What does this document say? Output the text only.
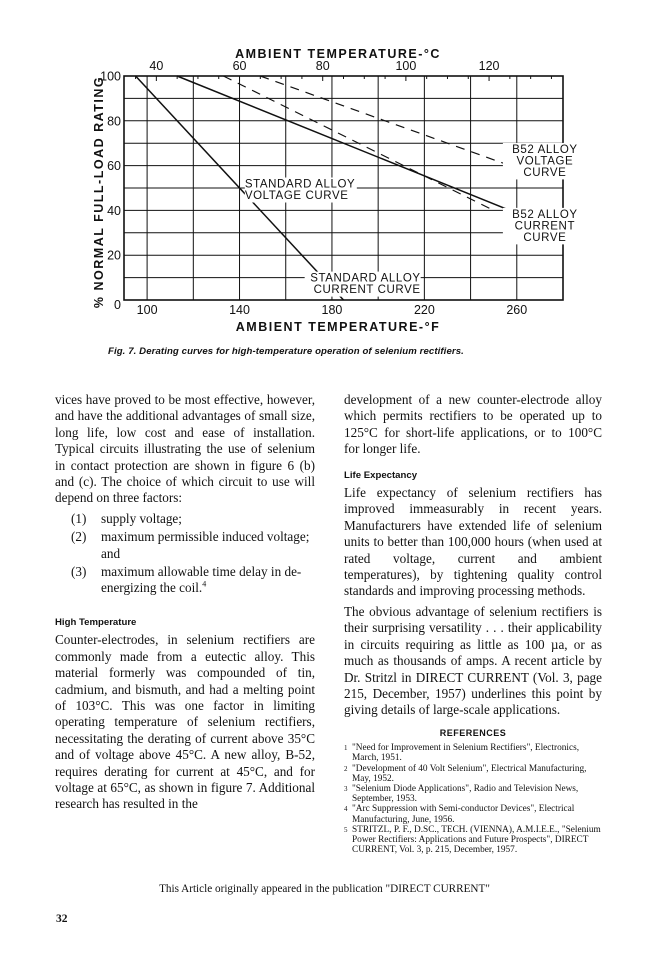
STANDARD ALLOY
VOLTAGE CURVE
B52 ALLOY
VOLTAGE
CURVE
B52 ALLOY
CURRENT
CURVE
STANDARD ALLOY
CURRENT CURVE
AMBIENT TEMPERATURE-°C
AMBIENT TEMPERATURE-°F
% NORMAL FULL-LOAD RATING
40	60	80	100	120
100	140	180	220	260
100
80
60
40
20
0
Fig. 7. Derating curves for high-temperature operation of selenium rectifiers.

vices have proved to be most effective, however, and have the additional advantages of small size, long life, low cost and ease of installation. Typical circuits illustrating the use of selenium in contact protection are shown in figure 6 (b) and (c). The choice of which circuit to use will depend on three factors:

(1)	supply voltage;
(2)	maximum permissible induced voltage; and
(3)	maximum allowable time delay in de-energizing the coil.$^4$
High Temperature

Counter-electrodes, in selenium rectifiers are commonly made from a eutectic alloy. This material formerly was compounded of tin, cadmium, and bismuth, and had a melting point of 103°C. This was one factor in limiting operating temperature of selenium rectifiers, necessitating the derating of current above 35°C and of voltage above 45°C. A new alloy, B-52, requires derating for current at 45°C, and for voltage at 65°C, as shown in figure 7. Additional research has resulted in the

development of a new counter-electrode alloy which permits rectifiers to be operated up to 125°C for short-life applications, or to 100°C for longer life.

Life Expectancy

Life expectancy of selenium rectifiers has improved immeasurably in recent years. Manufacturers have extended life of selenium units to better than 100,000 hours (when used at rated voltage, current and ambient temperatures), by tightening quality control standards and improving processing methods.

The obvious advantage of selenium rectifiers is their surprising versatility . . . their applicability in circuits requiring as little as 100 µa, or as much as thousands of amps. A recent article by Dr. Stritzl in DIRECT CURRENT (Vol. 3, page 215, December, 1957) underlines this point by giving details of large-scale applications.

REFERENCES
1 "Need for Improvement in Selenium Rectifiers", Electronics, March, 1951.
2 "Development of 40 Volt Selenium", Electrical Manufacturing, May, 1952.
3 "Selenium Diode Applications", Radio and Television News, September, 1953.
4 "Arc Suppression with Semi-conductor Devices", Electrical Manufacturing, June, 1956.
5 STRITZL, P. F., D.SC., TECH. (VIENNA), A.M.I.E.E., "Selenium Power Rectifiers: Applications and Future Prospects", DIRECT CURRENT, Vol. 3, p. 215, December, 1957.
This Article originally appeared in the publication "DIRECT CURRENT"
32
